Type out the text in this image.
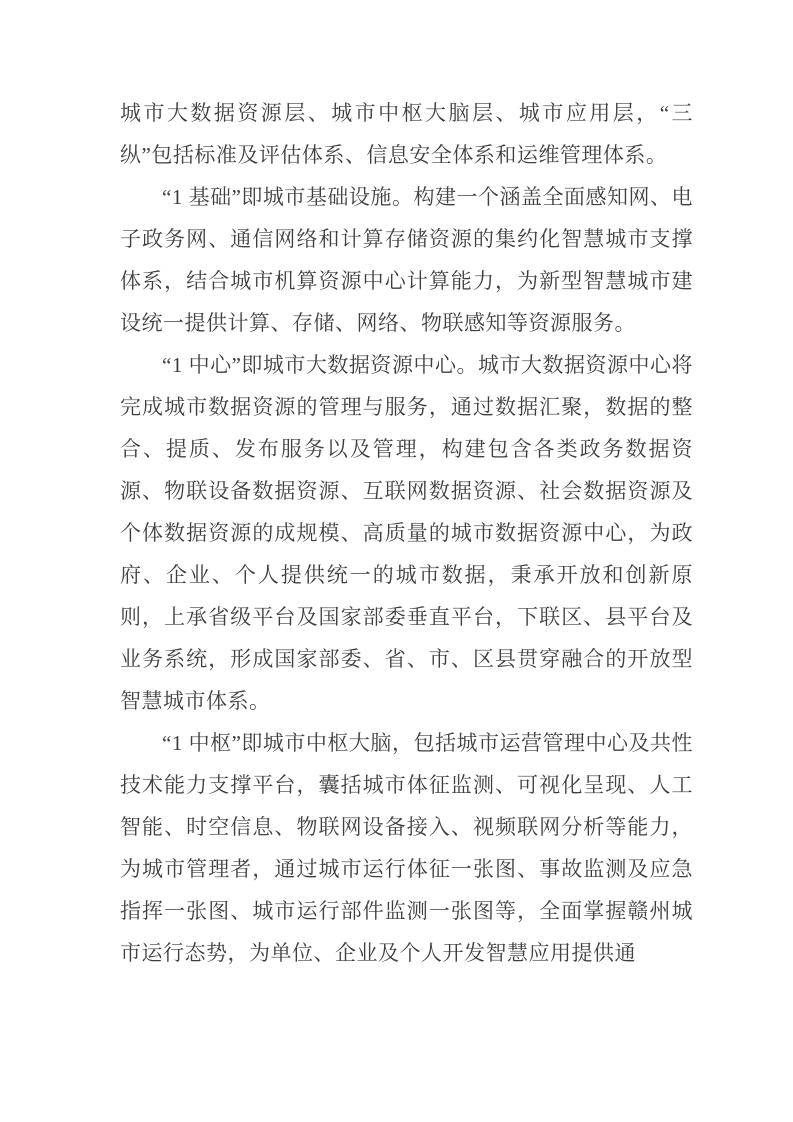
城市大数据资源层、城市中枢大脑层、城市应用层，“三纵”包括标准及评估体系、信息安全体系和运维管理体系。

“1 基础”即城市基础设施。构建一个涵盖全面感知网、电子政务网、通信网络和计算存储资源的集约化智慧城市支撑体系，结合城市机算资源中心计算能力，为新型智慧城市建设统一提供计算、存储、网络、物联感知等资源服务。

“1 中心”即城市大数据资源中心。城市大数据资源中心将完成城市数据资源的管理与服务，通过数据汇聚，数据的整合、提质、发布服务以及管理，构建包含各类政务数据资源、物联设备数据资源、互联网数据资源、社会数据资源及个体数据资源的成规模、高质量的城市数据资源中心，为政府、企业、个人提供统一的城市数据，秉承开放和创新原则，上承省级平台及国家部委垂直平台，下联区、县平台及业务系统，形成国家部委、省、市、区县贯穿融合的开放型智慧城市体系。

“1 中枢”即城市中枢大脑，包括城市运营管理中心及共性技术能力支撑平台，囊括城市体征监测、可视化呈现、人工智能、时空信息、物联网设备接入、视频联网分析等能力，为城市管理者，通过城市运行体征一张图、事故监测及应急指挥一张图、城市运行部件监测一张图等，全面掌握赣州城市运行态势，为单位、企业及个人开发智慧应用提供通
